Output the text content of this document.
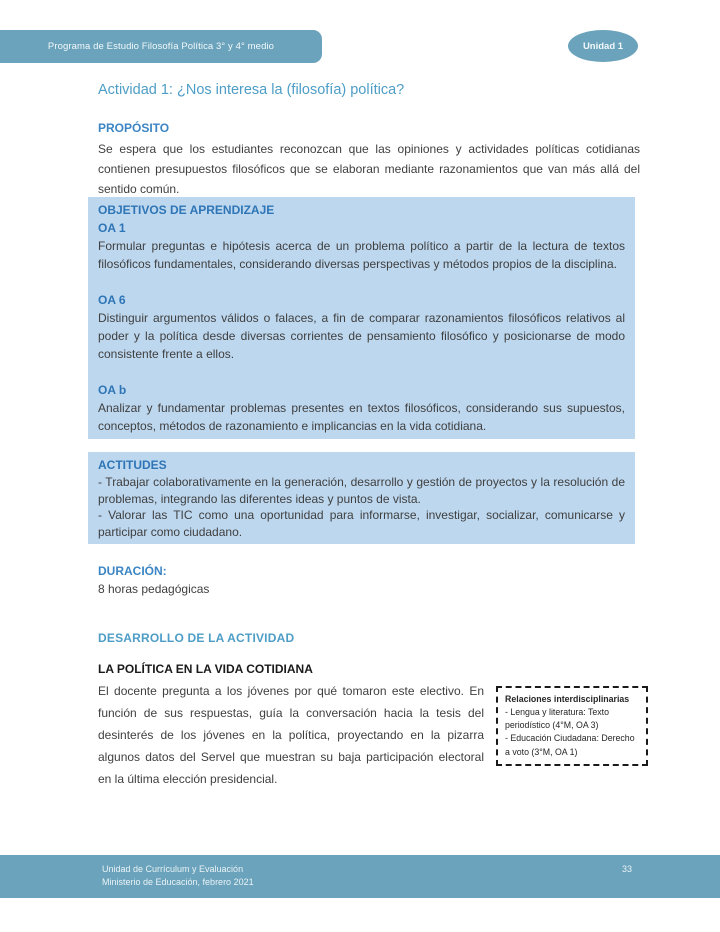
Programa de Estudio Filosofía Política 3° y 4° medio	Unidad 1
Actividad 1: ¿Nos interesa la (filosofía) política?
PROPÓSITO
Se espera que los estudiantes reconozcan que las opiniones y actividades políticas cotidianas contienen presupuestos filosóficos que se elaboran mediante razonamientos que van más allá del sentido común.
OBJETIVOS DE APRENDIZAJE
OA 1
Formular preguntas e hipótesis acerca de un problema político a partir de la lectura de textos filosóficos fundamentales, considerando diversas perspectivas y métodos propios de la disciplina.
OA 6
Distinguir argumentos válidos o falaces, a fin de comparar razonamientos filosóficos relativos al poder y la política desde diversas corrientes de pensamiento filosófico y posicionarse de modo consistente frente a ellos.
OA b
Analizar y fundamentar problemas presentes en textos filosóficos, considerando sus supuestos, conceptos, métodos de razonamiento e implicancias en la vida cotidiana.
ACTITUDES
- Trabajar colaborativamente en la generación, desarrollo y gestión de proyectos y la resolución de problemas, integrando las diferentes ideas y puntos de vista.
- Valorar las TIC como una oportunidad para informarse, investigar, socializar, comunicarse y participar como ciudadano.
DURACIÓN:
8 horas pedagógicas
DESARROLLO DE LA ACTIVIDAD
LA POLÍTICA EN LA VIDA COTIDIANA
Relaciones interdisciplinarias
- Lengua y literatura: Texto periodístico (4°M, OA 3)
- Educación Ciudadana: Derecho a voto (3°M, OA 1)
El docente pregunta a los jóvenes por qué tomaron este electivo. En función de sus respuestas, guía la conversación hacia la tesis del desinterés de los jóvenes en la política, proyectando en la pizarra algunos datos del Servel que muestran su baja participación electoral en la última elección presidencial.
Unidad de Currículum y Evaluación
Ministerio de Educación, febrero 2021
33
